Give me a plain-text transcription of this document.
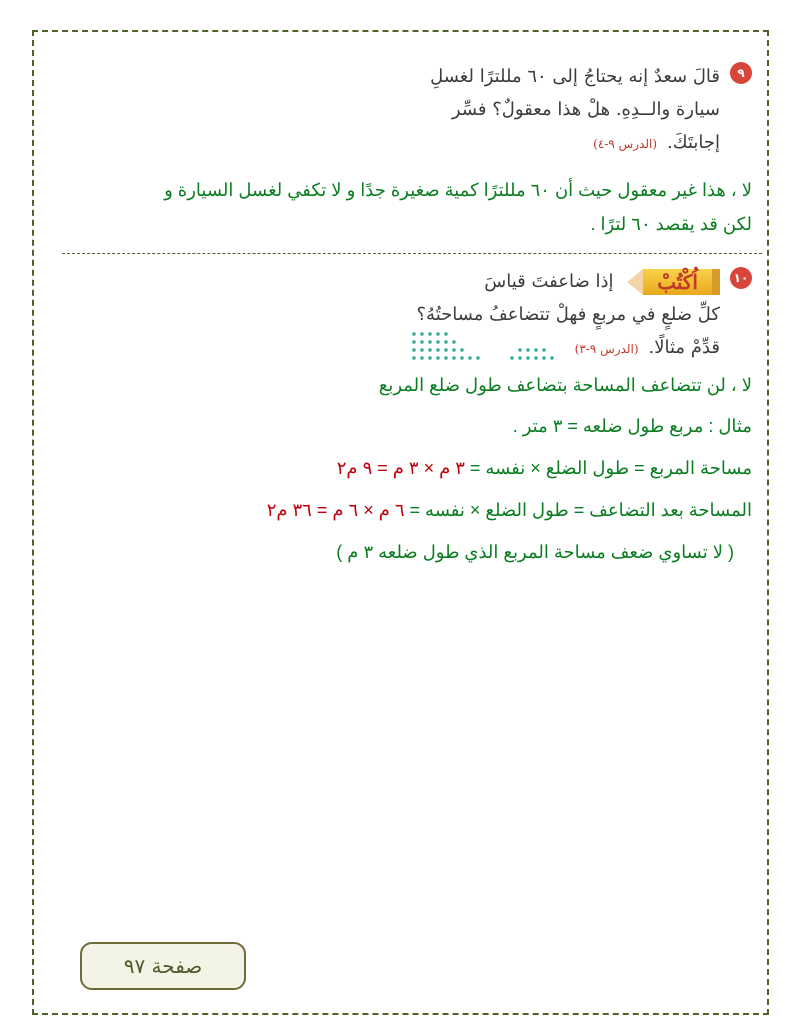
٩
قالَ سعدٌ إنه يحتاجُ إلى ٦٠ مللترًا لغسلِ
سيارة والــدِهِ. هلْ هذا معقولٌ؟ فسِّر
إجابتَكَ.(الدرس ٩-٤)
لا ، هذا غير معقول حيث أن ٦٠ مللترًا كمية صغيرة جدًا و لا تكفي لغسل السيارة و
لكن قد يقصد ٦٠ لترًا .
١٠
اُكْتُبْ
إذا ضاعفتَ قياسَ
كلِّ ضلعٍ في مربعٍ فهلْ تتضاعفُ مساحتُهُ؟
قدِّمْ مثالًا.(الدرس ٩-٣)
لا ، لن تتضاعف المساحة بتضاعف طول ضلع المربع
مثال : مربع طول ضلعه = ٣ متر .
مساحة المربع = طول الضلع × نفسه = ٣ م × ٣ م = ٩ م٢
المساحة بعد التضاعف = طول الضلع × نفسه = ٦ م × ٦ م = ٣٦ م٢
( لا تساوي ضعف مساحة المربع الذي طول ضلعه ٣ م )
صفحة ٩٧
